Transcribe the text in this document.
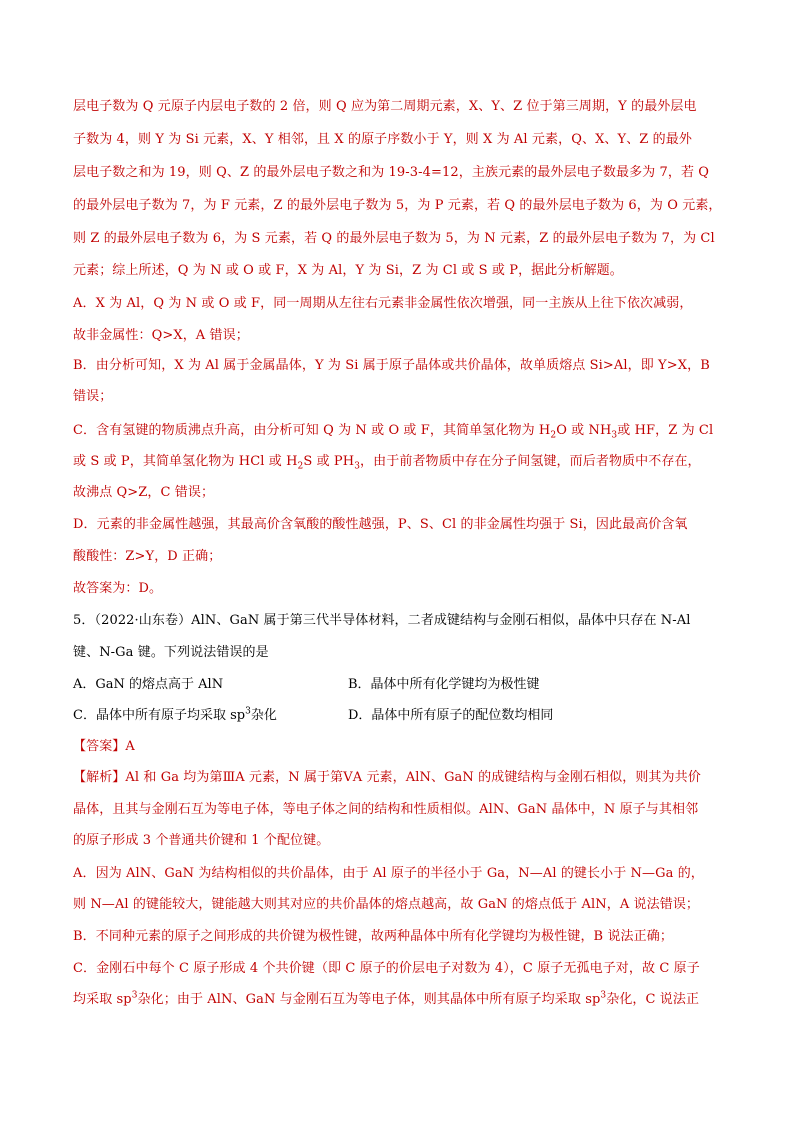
层电子数为 Q 元原子内层电子数的 2 倍，则 Q 应为第二周期元素，X、Y、Z 位于第三周期，Y 的最外层电
子数为 4，则 Y 为 Si 元素，X、Y 相邻，且 X 的原子序数小于 Y，则 X 为 Al 元素，Q、X、Y、Z 的最外
层电子数之和为 19，则 Q、Z 的最外层电子数之和为 19-3-4=12，主族元素的最外层电子数最多为 7，若 Q
的最外层电子数为 7，为 F 元素，Z 的最外层电子数为 5，为 P 元素，若 Q 的最外层电子数为 6，为 O 元素，
则 Z 的最外层电子数为 6，为 S 元素，若 Q 的最外层电子数为 5，为 N 元素，Z 的最外层电子数为 7，为 Cl
元素；综上所述，Q 为 N 或 O 或 F，X 为 Al，Y 为 Si，Z 为 Cl 或 S 或 P，据此分析解题。
A．X 为 Al，Q 为 N 或 O 或 F，同一周期从左往右元素非金属性依次增强，同一主族从上往下依次减弱，
故非金属性：Q>X，A 错误；
B．由分析可知，X 为 Al 属于金属晶体，Y 为 Si 属于原子晶体或共价晶体，故单质熔点 Si>Al，即 Y>X，B
错误；
C．含有氢键的物质沸点升高，由分析可知 Q 为 N 或 O 或 F，其简单氢化物为 $H_2O$ 或 $NH_3$或 HF，Z 为 Cl
或 S 或 P，其简单氢化物为 HCl 或 $H_2S$ 或 $PH_3$，由于前者物质中存在分子间氢键，而后者物质中不存在，
故沸点 Q>Z，C 错误；
D．元素的非金属性越强，其最高价含氧酸的酸性越强，P、S、Cl 的非金属性均强于 Si，因此最高价含氧
酸酸性：Z>Y，D 正确；
故答案为：D。
5．（2022·山东卷）AlN、GaN 属于第三代半导体材料，二者成键结构与金刚石相似，晶体中只存在 N-Al
键、N-Ga 键。下列说法错误的是
A．GaN 的熔点高于 AlN	B．晶体中所有化学键均为极性键
C．晶体中所有原子均采取 $sp^3$杂化	D．晶体中所有原子的配位数均相同
【答案】A
【解析】Al 和 Ga 均为第ⅢA 元素，N 属于第ⅤA 元素，AlN、GaN 的成键结构与金刚石相似，则其为共价
晶体，且其与金刚石互为等电子体，等电子体之间的结构和性质相似。AlN、GaN 晶体中，N 原子与其相邻
的原子形成 3 个普通共价键和 1 个配位键。
A．因为 AlN、GaN 为结构相似的共价晶体，由于 Al 原子的半径小于 Ga，N—Al 的键长小于 N—Ga 的，
则 N—Al 的键能较大，键能越大则其对应的共价晶体的熔点越高，故 GaN 的熔点低于 AlN，A 说法错误；
B．不同种元素的原子之间形成的共价键为极性键，故两种晶体中所有化学键均为极性键，B 说法正确；
C．金刚石中每个 C 原子形成 4 个共价键（即 C 原子的价层电子对数为 4），C 原子无孤电子对，故 C 原子
均采取 $sp^3$杂化；由于 AlN、GaN 与金刚石互为等电子体，则其晶体中所有原子均采取 $sp^3$杂化，C 说法正
